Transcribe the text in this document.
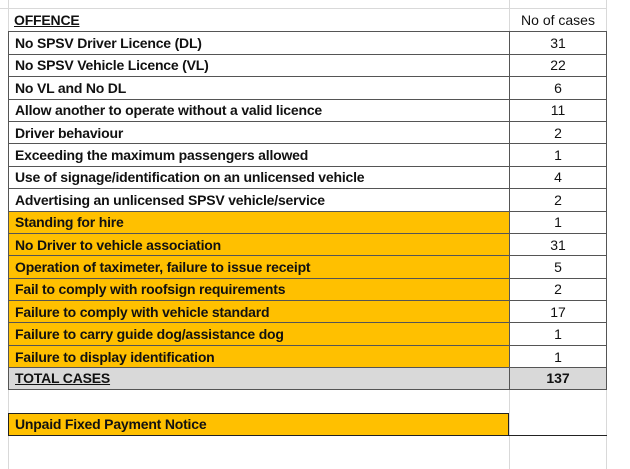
OFFENCE	No of cases
No SPSV Driver Licence (DL)	31
No SPSV Vehicle Licence (VL)	22
No VL and No DL	6
Allow another to operate without a valid licence	11
Driver behaviour	2
Exceeding the maximum passengers allowed	1
Use of signage/identification on an unlicensed vehicle	4
Advertising an unlicensed SPSV vehicle/service	2
Standing for hire	1
No Driver to vehicle association	31
Operation of taximeter, failure to issue receipt	5
Fail to comply with roofsign requirements	2
Failure to comply with vehicle standard	17
Failure to carry guide dog/assistance dog	1
Failure to display identification	1
TOTAL CASES	137
Unpaid Fixed Payment Notice
